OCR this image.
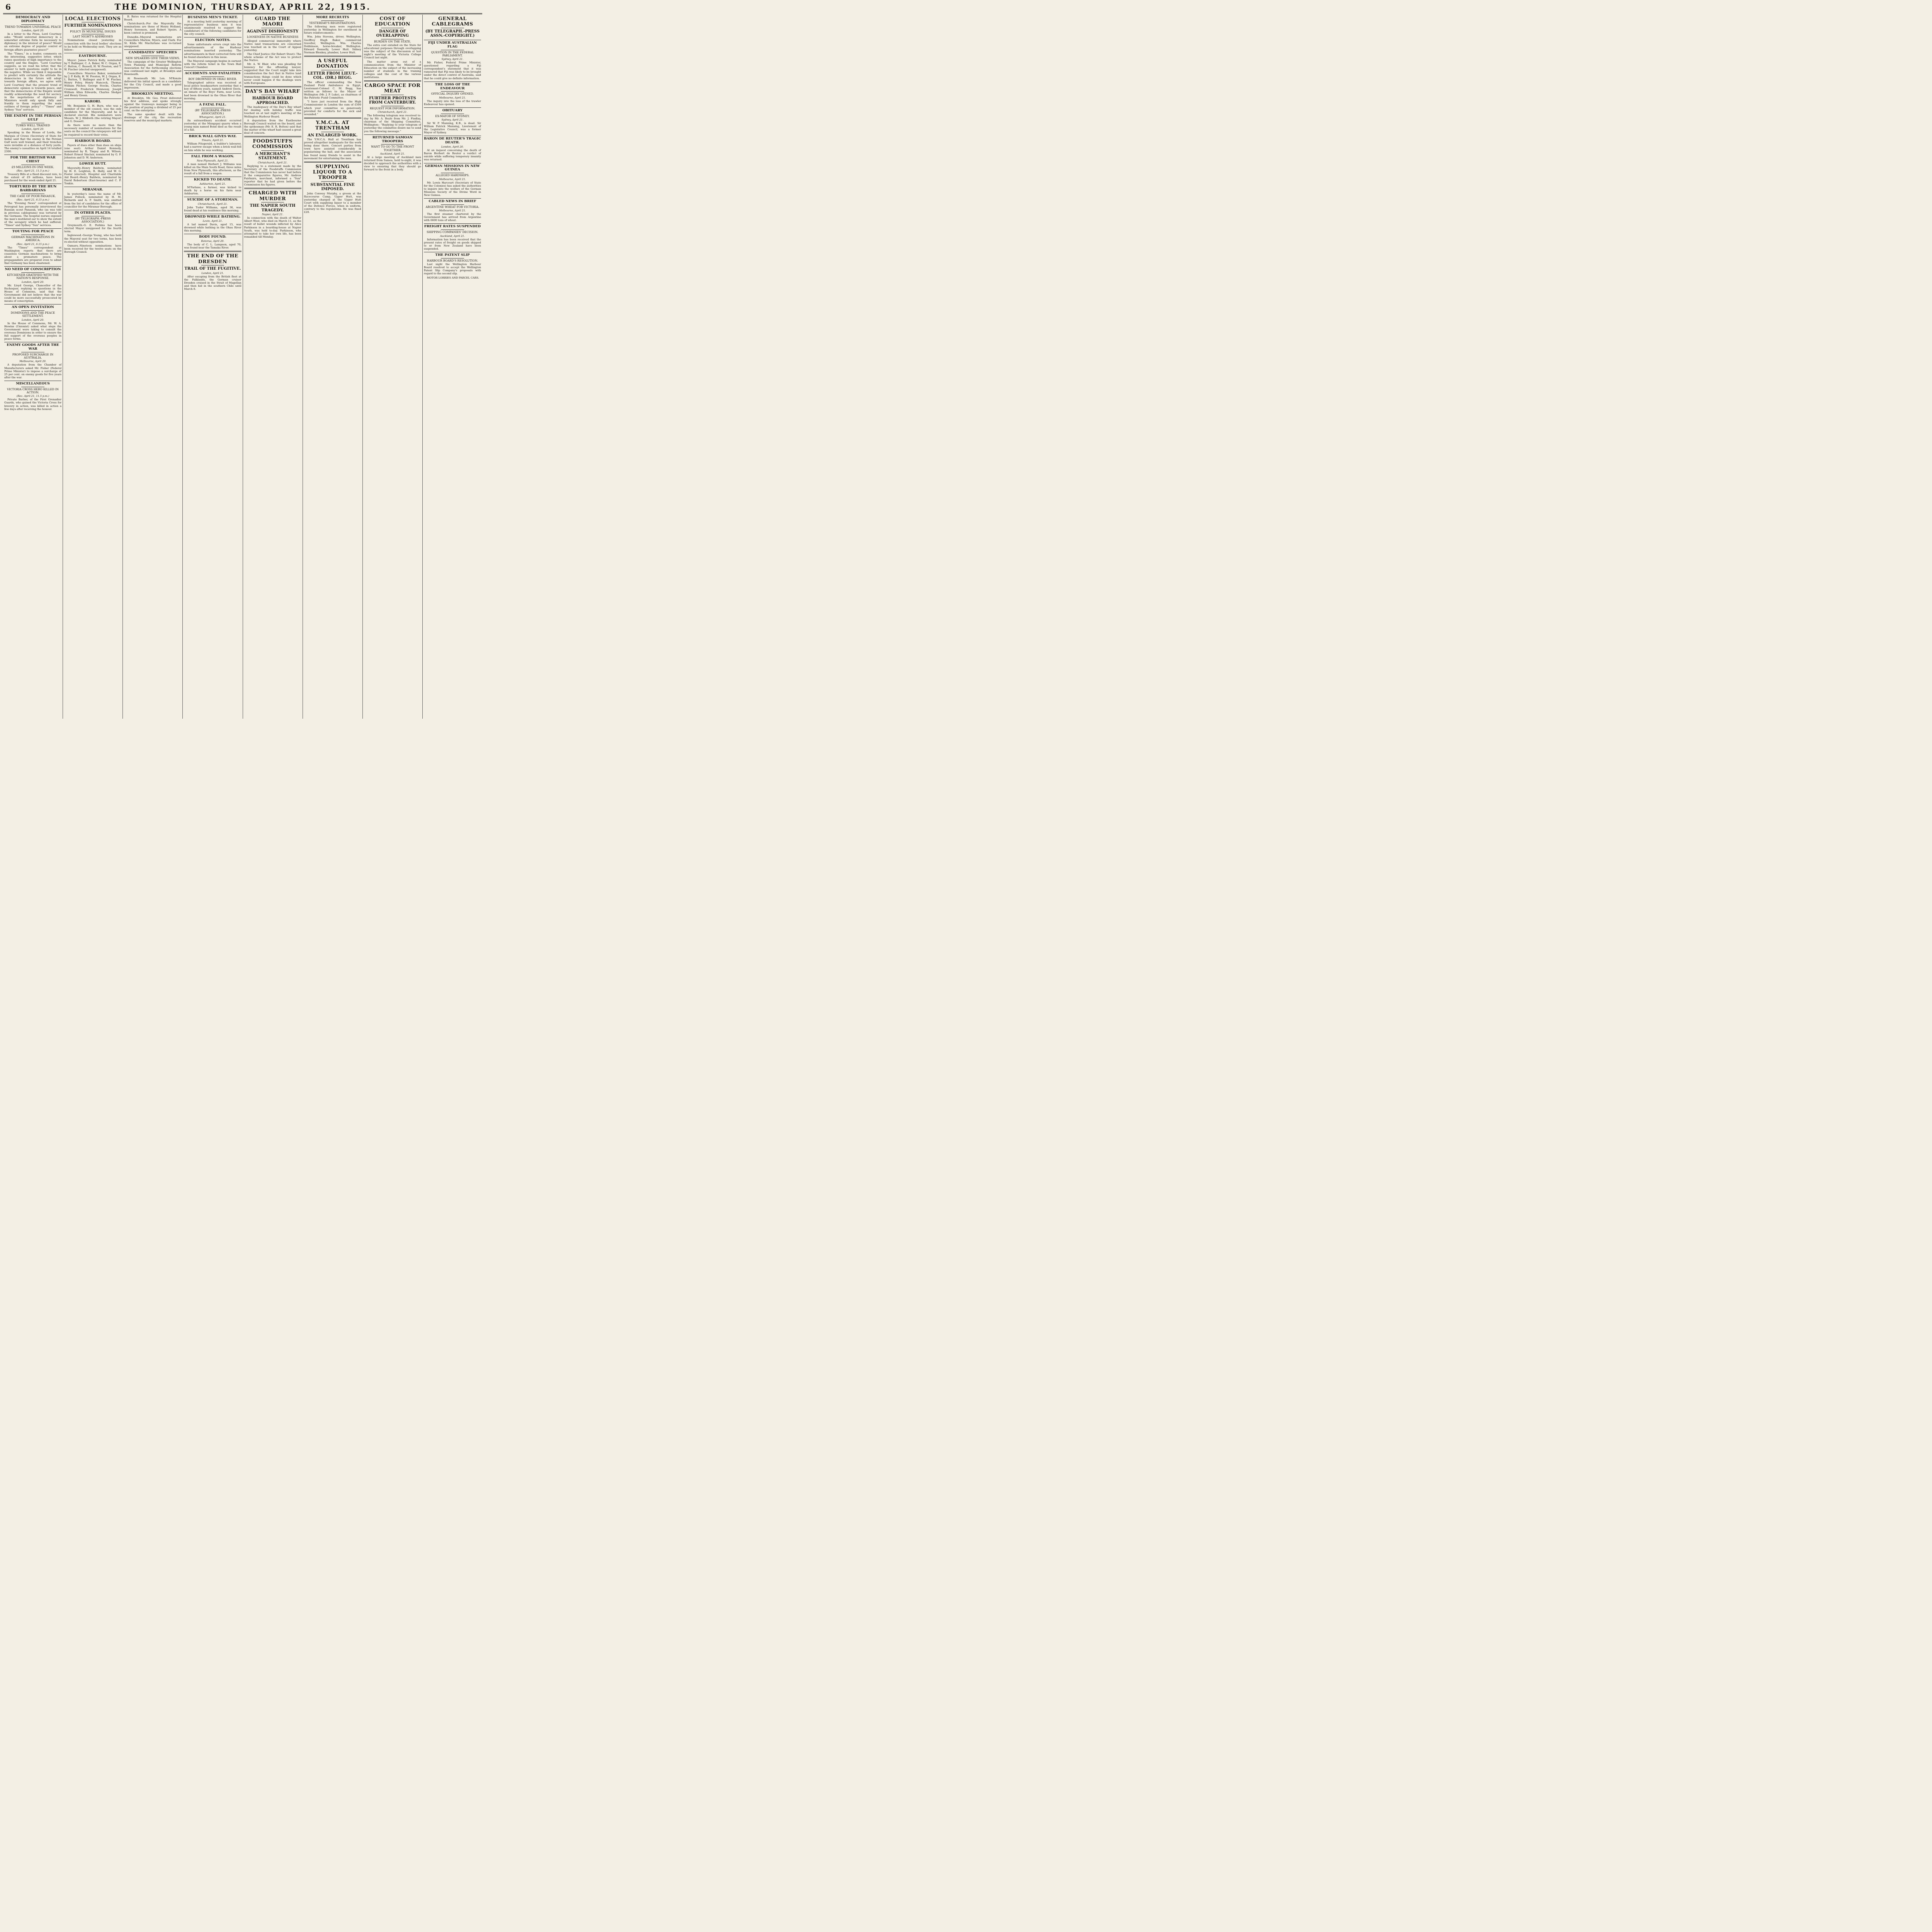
6	THE DOMINION, THURSDAY, APRIL 22, 1915.
DEMOCRACY AND DIPLOMACY
TREND TOWARDS UNIVERSAL PEACE
London, April 20.

In a letter to the Press, Lord Courtney asks: "Would universal democracy in a somewhat extreme form be necessary to diplomacy in the interest of peace? Would an extreme degree of popular control of foreign affairs guarantee peace?"

The "Times," in a leader, comments on the interesting, suggestive letter, which raises questions of high importance to the country and the Empire. "Lord Courtney suggests, as we read his letter, that the answer to both questions ought to be in the negative. While we think it impossible to predict with certainty the attitude the democracies in the future will adopt towards foreign affairs, we agree with Lord Courtney that the present trend of democratic opinion is towards peace, and that the democracies of the Empire would readily acknowledge the need for secrecy in the negotiations of diplomacy if Ministers would only speak fully and frankly to them regarding the main outlines of foreign policy." - "Times" and Sydney "Sun" services.

THE ENEMY IN THE PERSIAN GULF
TURKS WELL TRAINED
London, April 20.

Speaking in the House of Lords, the Marquis of Crewe (Secretary of State for India) said that the enemy in the Persian Gulf were well trained, and their trenches were invisible at a distance of forty yards. The enemy's casualties on April 14 totalled 2300.

FOR THE BRITISH WAR CHEST
£9 MILLIONS IN ONE WEEK.
(Rec. April 21, 11.5 p.m.)

Treasury Bills at a fixed discount rate, to the extent of £9 millions, have been purchased for the week ended April 21.

TORTURED BY THE HUN BARBARIANS
THE CASE OF POOR PANASUK.
(Rec. April 21, 6.15 p.m.)

The "Evening News" correspondent at Petrograd has personally interviewed the Russian scout Panasuk, who (as was told in previous cablegrams) was tortured by the Germans. The hospital nurses exposed the man's mutilated ear to show the extent of the savagery which he had suffered. "Times" and Sydney "Sun" services.

TOUTING FOR PEACE
GERMAN MACHINATIONS IN AMERICA.
(Rec. April 21, 6.15 p.m.)

The "Times" correspondent at Washington reports that there are ceaseless German machinations to bring about a premature peace. The propagandists are prepared even to admit that Germany has been chastened.

NO NEED OF CONSCRIPTION
KITCHENER GRATIFIED WITH THE NATION'S RESPONSE.
London, April 20.

Mr. Lloyd George, Chancellor of the Exchequer, replying to questions in the House of Commons, said that the Government did not believe that the war could be more successfully prosecuted by means of conscription.

AN OPEN INVITATION
DOMINIONS AND THE PEACE SETTLEMENT.
London, April 20.

In the House of Commons, Mr. W. A. Hewins (Unionist) asked what steps the Government were taking to consult the overseas Dominions in order to ensure the full support of the overseas peoples in peace terms.

ENEMY GOODS AFTER THE WAR
PROPOSED SURCHARGE IN AUSTRALIA.
Melbourne, April 20.

A deputation from the Chamber of Manufacturers asked Mr. Fisher (Federal Prime Minister) to impose a surcharge of 25 per cent. on enemy goods for five years after the war.

MISCELLANEOUS
VICTORIA CROSS HERO KILLED IN ACTION.
(Rec. April 21, 11.5 p.m.)

Private Barber, of the First Grenadier Guards, who gained the Victoria Cross for bravery in action, was killed in action a few days after receiving the honour.

LOCAL ELECTIONS
FURTHER NOMINATIONS
POLICY IN MUNICIPAL ISSUES
LAST NIGHT'S ADDRESSES

Nominations closed yesterday in connection with the local bodies' elections to be held on Wednesday next. They are as follow:-

EASTBOURNE.

Mayor: James Patrick Kelly, nominated by T. Ballinger, C. A. Baker, W. C. Organ, E. C. Button, C. Russell, H. W. Preston, and T. W. Fischer (elected unopposed).

Councillors: Maurice Baker, nominated by J. P. Kelly, H. W. Preston, W. J. Organ, E. L. Button, T. Ballinger and F. W. Fischer, Henry Foley, Henry Hancock, Thomas William Pilcher, George Stocks, Charles Cromwell, Frederick Hennessy, Joseph William Allan Edwards, Charles Sledger and Henry Green.

KARORI.

Mr. Benjamin G. H. Burn, who was a member of the old council, was the only candidate for the Mayoralty, and he is declared elected. His nominators were Messrs. W. J. Hildreth (the retiring Mayor) and G. Dossett.

As there were no more than the necessary number of nominations for the seats on the council the ratepayers will not be required to record their votes.

HARBOUR BOARD.

Payers of dues other than dues on ships (one seat): Arthur Daniel Kennedy, nominated by R. Tingey and R. Wilson; Robert Ernest Sinclair, nominated by G. F. Johnston and D. W. Anderson.

LOWER HUTT.

Mayoralty.-Henry Baldwin, nominated by H. E. Leighton, R. Hally, and W. G. Foster (elected). Hospital and Charitable Aid Board.-Henry Baldwin, nominated by David Robertson (East-bourne) and C. F. Tonkin.

MIRAMAR.

In yesterday's issue the name of Mr. James Pollock, nominated by H. M. Richards and A. P. Smith, was omitted from the list of candidates for the office of councillor for the Miramar Borough.

IN OTHER PLACES.
(BY TELEGRAPH.-PRESS ASSOCIATION.)

Greymouth.-G. E. Perkins has been elected Mayor unopposed for the fourth term.

Inglewood.-George Young, who has held the Mayoral seat for two terms, has been re-elected without opposition.

Oamaru.-Nineteen nominations have been received for the twelve seats on the Borough Council.

B. Bates was returned for the Hospital Board.

Christchurch.-For the Mayoralty the nominations are those of Henry Holland, Henry Sorenson, and Robert Speirs. A keen contest is promised.

Dunedin.-Mayoral nominations are Councillors Marlow, Myers, and Clark. For St. Kilda Mr. Macfarlane was re-turned unopposed.

CANDIDATES' SPEECHES
NEW SPEAKERS GIVE THEIR VIEWS.

The campaign of the Greater Wellington Town Planning and Municipal Reform Association for the forthcoming elections was continued last night, at Brooklyn and Roseneath.

At Roseneath Mr. Len. M'Kenzie delivered his initial speech as a candidate for the City Council, and made a good impression.

BROOKLYN MEETING.

At Brooklyn, Mr. Geo. Frost delivered his first address, and spoke strongly against the tramways manager being in the position of paying a dividend of 25 per cent. on the enterprise.

The same speaker dealt with the drainage of the city, the recreation reserves and the municipal markets.

BUSINESS MEN'S TICKET.

At a meeting held yesterday morning of representative business men it was unanimously resolved to support the candidature of the following candidates for the city council.

ELECTION NOTES.

Some unfortunate errors crept into the advertisements of the Harbour nominations inserted yesterday. The advertisements in their corrected form will be found elsewhere in this issue.

The Mayoral campaign begins in earnest with the reform ticket in the Town Hall Concert Chamber.

ACCIDENTS AND FATALITIES
BOY DROWNED IN OHAU RIVER.

Telegraphed advice was received at local police headquarters yesterday that a boy of fifteen years, named Andrew Davis, an inmate of the Boys' Farm, near Levin, had been drowned in the Ohau River that morning.

A FATAL FALL.
(BY TELEGRAPH.-PRESS ASSOCIATION.)
Whangarei, April 21.

An extraordinary accident occurred yesterday at the Mangapai quarry when a young man named Bond died as the result of a fall.

BRICK WALL GIVES WAY.
Timaru, April 21.

William Fitzgerald, a builder's labourer, had a narrow escape when a brick wall fell on him while he was working.

FALL FROM A WAGON.
New Plymouth, April 21.

A man named Herbert J. Williams was killed on the Main South Road, three miles from New Plymouth, this afternoon, as the result of a fall from a wagon.

KICKED TO DEATH.
Ashburton, April 21.

M'Farlane, a farmer, was kicked to death by a horse on his farm near Ashburton.

SUICIDE OF A STOREMAN.
Christchurch, April 21.

John Tudor Williams, aged 36, was found dead at his residence this morning.

DROWNED WHILE BATHING.
Levin, April 21.

A lad named Davis, aged 15, was drowned while bathing in the Ohau River this morning.

BODY FOUND.
Rotorua, April 20.

The body of C. L. Lampson, aged 70, was found near the Tamaka River.

THE END OF THE DRESDEN
TRAIL OF THE FUGITIVE.
London, April 21.

After escaping from the British fleet at the Falklands, the German cruiser Dresden cruised in the Strait of Magellan and then hid in the southern Chile until March 8.

GUARD THE MAORI
AGAINST DISHONESTY
LOOSENESS IN NATIVE BUSINESS

Alleged commercial immorality where Native land transactions are concerned was touched on in the Court of Appeal yesterday.

The Chief Justice (Sir Robert Stout): The whole scheme of the Act was to protect the Native.

Mr. A. W. Blair, who was pleading for leniency for the offending lawyer, suggested that the Court might take into consideration the fact that in Native land transactions things could be done which never could happen if the dealings were with Europeans.

DAY'S BAY WHARF
HARBOUR BOARD APPROACHED.

The inadequacy of the Day's Bay wharf for dealing with holiday traffic was touched on at last night's meeting of the Wellington Harbour Board.

A deputation from the Eastbourne Borough Council waited on the board, and the spokesman (Mr. E. R. Bolton) said that the matter of the wharf had caused a great deal of concern.

FOODSTUFFS COMMISSION
A MERCHANT'S STATEMENT.
Christchurch, April 21.

Replying to a statement made by the Secretary of the Foodstuffs Commission that the Commission has never had before it the comparative figures, Mr. Andrew Fairbairn, merchant, informed a "Sun" reporter that he had given before the Commission his figures.

CHARGED WITH MURDER
THE NAPIER SOUTH TRAGEDY.
Napier, April 21.

In connection with the death of Walter Albert West, who died on March 11, as the result of bullet wounds inflicted by Alice Parkinson in a boarding-house at Napier South, was held to-day. Parkinson, who attempted to take her own life, has been remanded till Monday.

MORE RECRUITS
YESTERDAY'S REGISTRATIONS.

The following men were registered yesterday in Wellington for enrolment in future reinforcements:-

Wm. John Stevens, driver, Wellington. Geoffrey Hugh Baker, commercial traveller, Wellington. Wm. Charles Dobbinson, horse-breaker, Wellington. Edward Donnelly, Lower Hutt. Sidney Norman Blenkey, plumber, Lower Hutt.

A USEFUL DONATION
LETTER FROM LIEUT.-COL. (DR.) BEGG.

The officer commanding the New Zealand Field Ambulance in Egypt, Lieutenant-Colonel C. M. Begg, has written as follows to the Mayor of Wellington (Mr. J. P. Luke), as chairman of the Patriotic Fund Committee.

"I have just received from the High Commissioner in London the sum of £500 which your committee so generously provided for comforts for the sick and wounded."

Y.M.C.A. AT TRENTHAM
AN ENLARGED WORK.

The Y.M.C.A. Hall at Trentham has proved altogether inadequate for the work being done there. Concert parties from town have assisted considerably in popularising the hall, and the association has found many friends to assist in the movement for entertaining the men.

SUPPLYING LIQUOR TO A TROOPER
SUBSTANTIAL FINE IMPOSED.

John Conway Murphy, a groom at the Racecourse Camp, Upper Hutt, was yesterday charged at the Upper Hutt Court with supplying liquor to a member of the Defence Forces, when in uniform, contrary to the regulations. He was fined £20.

COST OF EDUCATION
DANGER OF OVERLAPPING
BURDEN ON THE STATE.

The extra cost entailed on the State for educational purposes through overlapping was the subject of the discussion at last night's meeting of the Victoria College Council last night.

The matter arose out of a communication from the Minister of Education on the subject of the increasing number of students in the training colleges and the cost of the various institutions.

CARGO SPACE FOR MEAT
FURTHER PROTESTS FROM CANTERBURY.
REQUEST FOR INFORMATION.
Christchurch, April 21.

The following telegram was received to-day by Mr. A. Boyle from Mr. J. Findlay, chairman of the Shipping Committee, Wellington:- "Replying to your telegram of yesterday the committee desire me to send you the following message."

RETURNED SAMOAN TROOPERS
WANT TO GO TO THE FRONT TOGETHER.
Auckland, April 21.

At a large meeting of Auckland men returned from Samoa, held to-night, it was decided to approach the authorities with a view to ensuring that they should go forward to the front in a body.

GENERAL CABLEGRAMS
(BY TELEGRAPH.-PRESS ASSN.-COPYRIGHT.)
FIJI UNDER AUSTRALIAN FLAG
QUESTION IN THE FEDERAL PARLIAMENT.
Sydney, April 21.

Mr. Fisher, Federal Prime Minister, questioned regarding a Fiji correspondent's statement that it was rumoured that Fiji was likely to be brought under the direct control of Australia, said that he could give no definite information.

THE LOSS OF THE ENDEAVOUR
OFFICIAL INQUIRY OPENED.
Melbourne, April 21.

The inquiry into the loss of the trawler Endeavour has opened.

OBITUARY
EX-MAYOR OF SYDNEY.
Sydney, April 21.

Sir W. P. Manning, K.B., is dead. Sir William Patrick Manning, Lieutenant of the Legislative Council, was a former Mayor of Sydney.

BARON DE REUTER'S TRAGIC DEATH.
London, April 20.

At an inquest concerning the death of Baron Herbert de Reuter a verdict of suicide while suffering temporary insanity was returned.

GERMAN MISSIONS IN NEW GUINEA
ALLEGED HARDSHIPS.
Melbourne, April 21.

Mr. Lewis Harcourt (Secretary of State for the Colonies) has asked the authorities to inquire into the welfare of the German Missions Society of the Divine Word in New Guinea.

CABLED NEWS IN BRIEF
ARGENTINE WHEAT FOR VICTORIA.
Melbourne, April 21.

The first steamer chartered by the Government has arrived from Argentine with 6600 tons of wheat.

FREIGHT RATES SUSPENDED
SHIPPING COMPANIES' DECISION.
Auckland, April 21.

Information has been received that the present rates of freight on goods shipped to or from New Zealand have been suspended.

THE PATENT SLIP
HARBOUR BOARD'S RESOLUTION.

Last night the Wellington Harbour Board resolved to accept the Wellington Patent Slip Company's proposals with regard to the second slip.

MOTOR LORRIES AND PARCEL CARS.
